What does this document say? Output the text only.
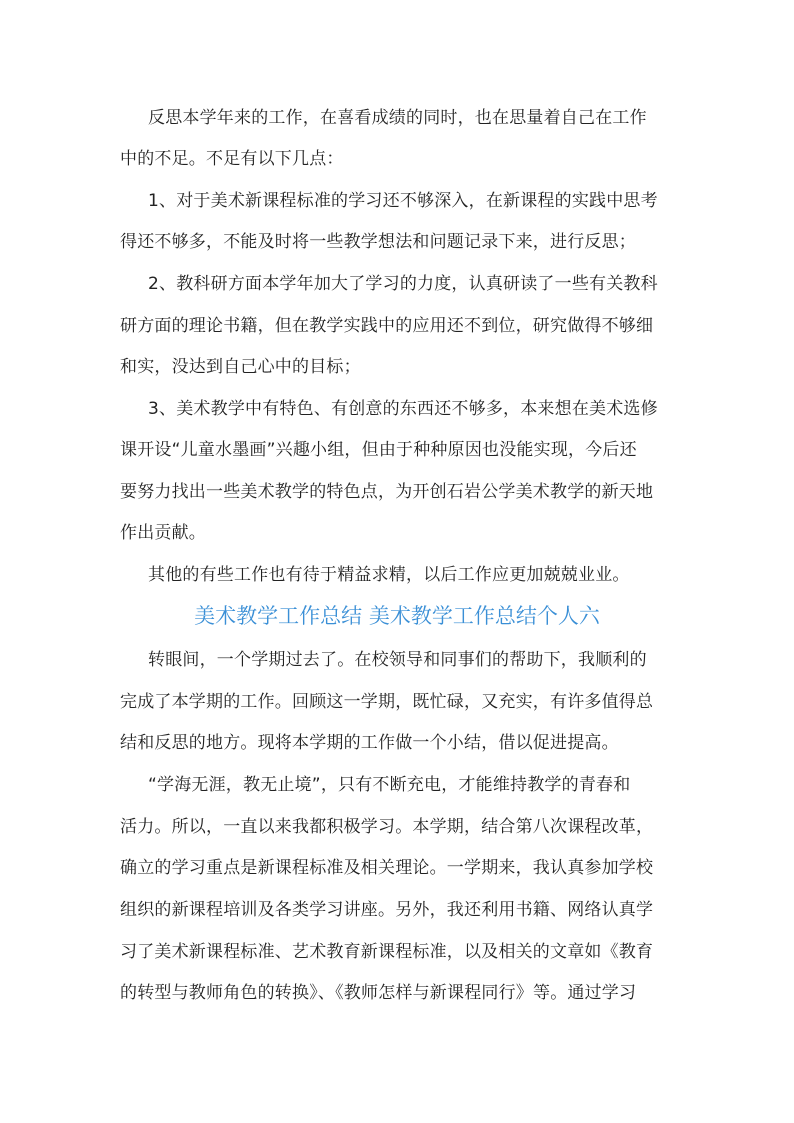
反思本学年来的工作，在喜看成绩的同时，也在思量着自己在工作
中的不足。不足有以下几点：
1、对于美术新课程标准的学习还不够深入，在新课程的实践中思考
得还不够多，不能及时将一些教学想法和问题记录下来，进行反思；
2、教科研方面本学年加大了学习的力度，认真研读了一些有关教科
研方面的理论书籍，但在教学实践中的应用还不到位，研究做得不够细
和实，没达到自己心中的目标；
3、美术教学中有特色、有创意的东西还不够多，本来想在美术选修
课开设“儿童水墨画”兴趣小组，但由于种种原因也没能实现，今后还
要努力找出一些美术教学的特色点，为开创石岩公学美术教学的新天地
作出贡献。
其他的有些工作也有待于精益求精，以后工作应更加兢兢业业。
美术教学工作总结 美术教学工作总结个人六
转眼间，一个学期过去了。在校领导和同事们的帮助下，我顺利的
完成了本学期的工作。回顾这一学期，既忙碌，又充实，有许多值得总
结和反思的地方。现将本学期的工作做一个小结，借以促进提高。
“学海无涯，教无止境”，只有不断充电，才能维持教学的青春和
活力。所以，一直以来我都积极学习。本学期，结合第八次课程改革，
确立的学习重点是新课程标准及相关理论。一学期来，我认真参加学校
组织的新课程培训及各类学习讲座。另外，我还利用书籍、网络认真学
习了美术新课程标准、艺术教育新课程标准，以及相关的文章如《教育
的转型与教师角色的转换》、《教师怎样与新课程同行》等。通过学习
